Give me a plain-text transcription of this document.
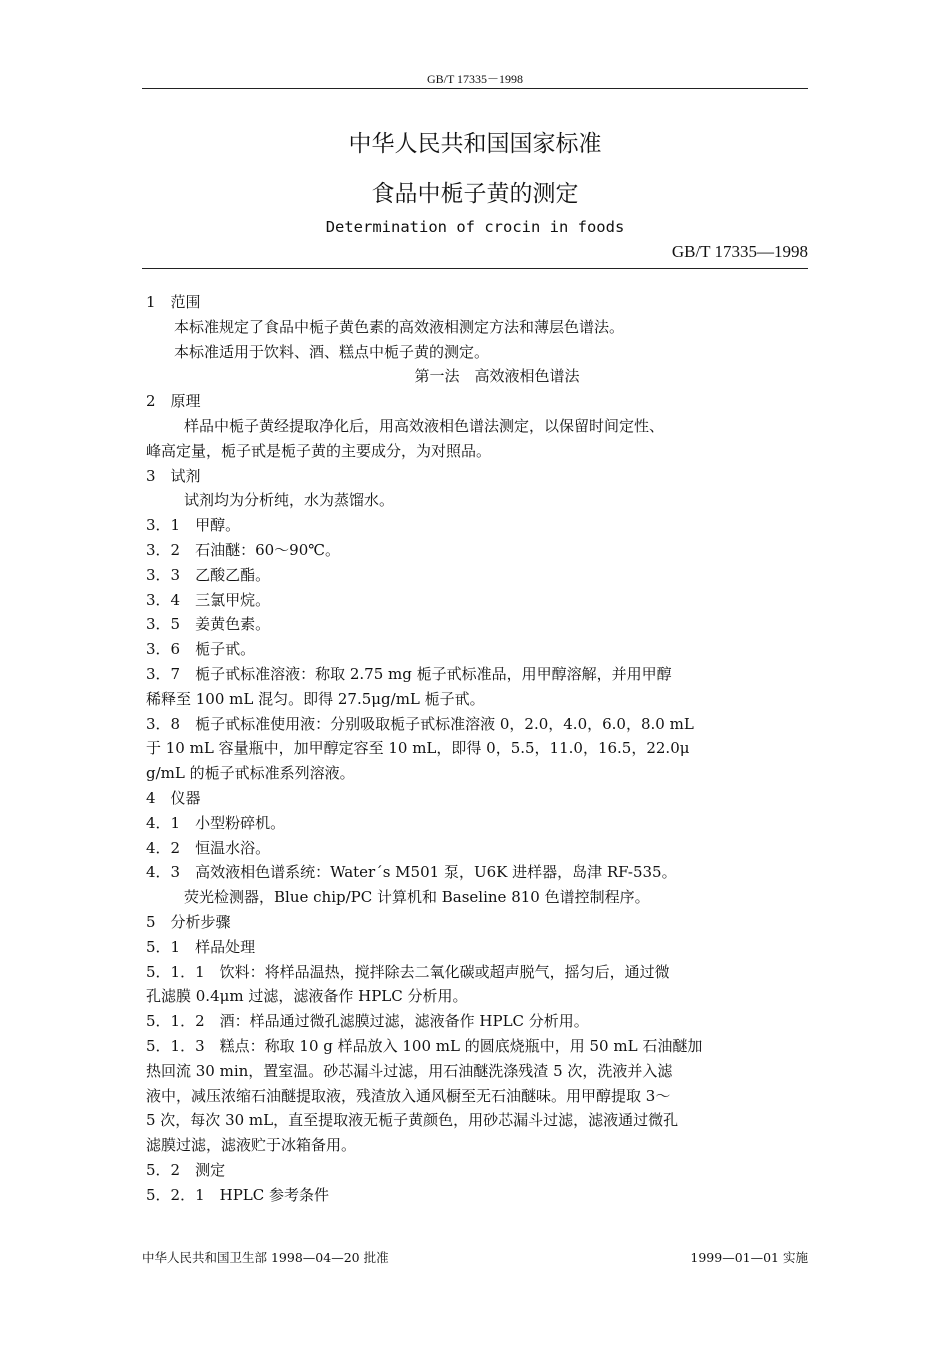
GB/T 17335－1998
中华人民共和国国家标准
食品中栀子黄的测定
Determination of crocin in foods
GB/T 17335—1998

1　范围

本标准规定了食品中栀子黄色素的高效液相测定方法和薄层色谱法。

本标准适用于饮料、酒、糕点中栀子黄的测定。

第一法　高效液相色谱法

2　原理

样品中栀子黄经提取净化后，用高效液相色谱法测定，以保留时间定性、

峰高定量，栀子甙是栀子黄的主要成分，为对照品。

3　试剂

试剂均为分析纯，水为蒸馏水。

3．1　甲醇。

3．2　石油醚：60～90℃。

3．3　乙酸乙酯。

3．4　三氯甲烷。

3．5　姜黄色素。

3．6　栀子甙。

3．7　栀子甙标准溶液：称取 2.75 mg 栀子甙标准品，用甲醇溶解，并用甲醇

稀释至 100 mL 混匀。即得 27.5μg/mL 栀子甙。

3．8　栀子甙标准使用液：分别吸取栀子甙标准溶液 0，2.0，4.0，6.0，8.0 mL

于 10 mL 容量瓶中，加甲醇定容至 10 mL，即得 0，5.5，11.0，16.5，22.0μ

g/mL 的栀子甙标准系列溶液。

4　仪器

4．1　小型粉碎机。

4．2　恒温水浴。

4．3　高效液相色谱系统：Water΄s M501 泵，U6K 进样器，岛津 RF-535。

荧光检测器，Blue chip/PC 计算机和 Baseline 810 色谱控制程序。

5　分析步骤

5．1　样品处理

5．1．1　饮料：将样品温热，搅拌除去二氧化碳或超声脱气，摇匀后，通过微

孔滤膜 0.4μm 过滤，滤液备作 HPLC 分析用。

5．1．2　酒：样品通过微孔滤膜过滤，滤液备作 HPLC 分析用。

5．1．3　糕点：称取 10 g 样品放入 100 mL 的圆底烧瓶中，用 50 mL 石油醚加

热回流 30 min，置室温。砂芯漏斗过滤，用石油醚洗涤残渣 5 次，洗液并入滤

液中，减压浓缩石油醚提取液，残渣放入通风橱至无石油醚味。用甲醇提取 3～

5 次，每次 30 mL，直至提取液无栀子黄颜色，用砂芯漏斗过滤，滤液通过微孔

滤膜过滤，滤液贮于冰箱备用。

5．2　测定

5．2．1　HPLC 参考条件

中华人民共和国卫生部 1998—04—20 批准	1999—01—01 实施
